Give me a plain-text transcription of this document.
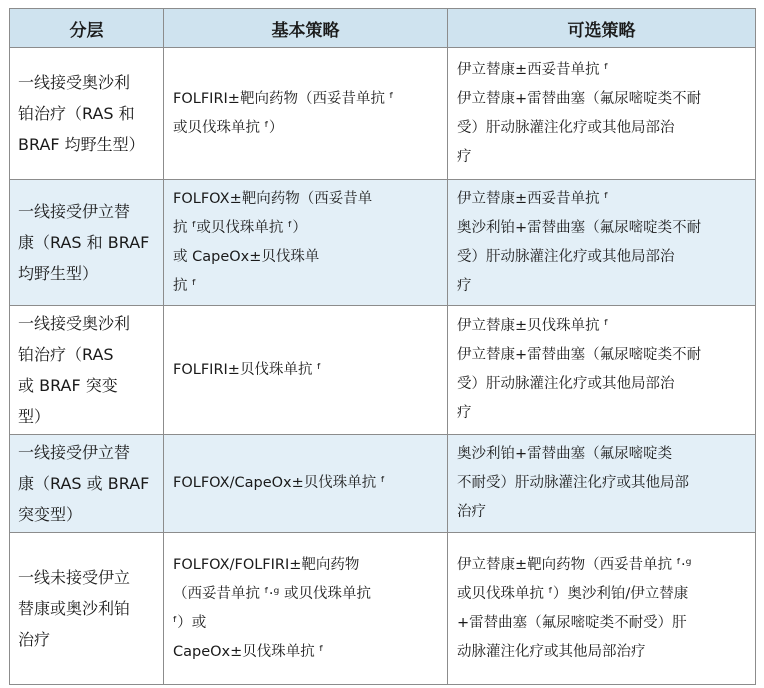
分层	基本策略	可选策略

一线接受奥沙利
铂治疗（RAS 和
BRAF 均野生型）	FOLFIRI±靶向药物（西妥昔单抗 ᶠ
或贝伐珠单抗 ᶠ）	伊立替康±西妥昔单抗 ᶠ
伊立替康+雷替曲塞（氟尿嘧啶类不耐
受）肝动脉灌注化疗或其他局部治
疗

一线接受伊立替
康（RAS 和 BRAF
均野生型）	FOLFOX±靶向药物（西妥昔单
抗 ᶠ或贝伐珠单抗 ᶠ）
或 CapeOx±贝伐珠单
抗 ᶠ	伊立替康±西妥昔单抗 ᶠ
奥沙利铂+雷替曲塞（氟尿嘧啶类不耐
受）肝动脉灌注化疗或其他局部治
疗

一线接受奥沙利
铂治疗（RAS
或 BRAF 突变
型）	FOLFIRI±贝伐珠单抗 ᶠ	伊立替康±贝伐珠单抗 ᶠ
伊立替康+雷替曲塞（氟尿嘧啶类不耐
受）肝动脉灌注化疗或其他局部治
疗

一线接受伊立替
康（RAS 或 BRAF
突变型）	FOLFOX/CapeOx±贝伐珠单抗 ᶠ	奥沙利铂+雷替曲塞（氟尿嘧啶类
不耐受）肝动脉灌注化疗或其他局部
治疗

一线未接受伊立
替康或奥沙利铂
治疗	FOLFOX/FOLFIRI±靶向药物
（西妥昔单抗 ᶠ·ᵍ 或贝伐珠单抗
ᶠ）或
CapeOx±贝伐珠单抗 ᶠ	伊立替康±靶向药物（西妥昔单抗 ᶠ·ᵍ
或贝伐珠单抗 ᶠ）奥沙利铂/伊立替康
+雷替曲塞（氟尿嘧啶类不耐受）肝
动脉灌注化疗或其他局部治疗
